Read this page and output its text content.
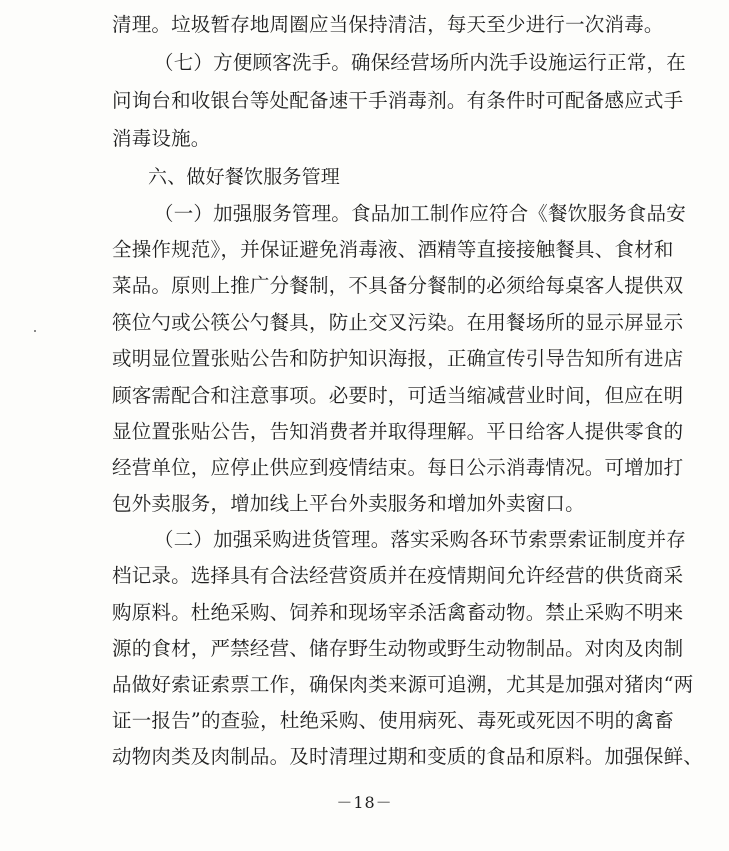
清理。垃圾暂存地周圈应当保持清洁，每天至少进行一次消毒。
（七）方便顾客洗手。确保经营场所内洗手设施运行正常，在
问询台和收银台等处配备速干手消毒剂。有条件时可配备感应式手
消毒设施。
六、做好餐饮服务管理
（一）加强服务管理。食品加工制作应符合《餐饮服务食品安
全操作规范》，并保证避免消毒液、酒精等直接接触餐具、食材和
菜品。原则上推广分餐制，不具备分餐制的必须给每桌客人提供双
筷位勺或公筷公勺餐具，防止交叉污染。在用餐场所的显示屏显示
或明显位置张贴公告和防护知识海报，正确宣传引导告知所有进店
顾客需配合和注意事项。必要时，可适当缩减营业时间，但应在明
显位置张贴公告，告知消费者并取得理解。平日给客人提供零食的
经营单位，应停止供应到疫情结束。每日公示消毒情况。可增加打
包外卖服务，增加线上平台外卖服务和增加外卖窗口。
（二）加强采购进货管理。落实采购各环节索票索证制度并存
档记录。选择具有合法经营资质并在疫情期间允许经营的供货商采
购原料。杜绝采购、饲养和现场宰杀活禽畜动物。禁止采购不明来
源的食材，严禁经营、储存野生动物或野生动物制品。对肉及肉制
品做好索证索票工作，确保肉类来源可追溯，尤其是加强对猪肉“两
证一报告”的查验，杜绝采购、使用病死、毒死或死因不明的禽畜
动物肉类及肉制品。及时清理过期和变质的食品和原料。加强保鲜、
－18－
